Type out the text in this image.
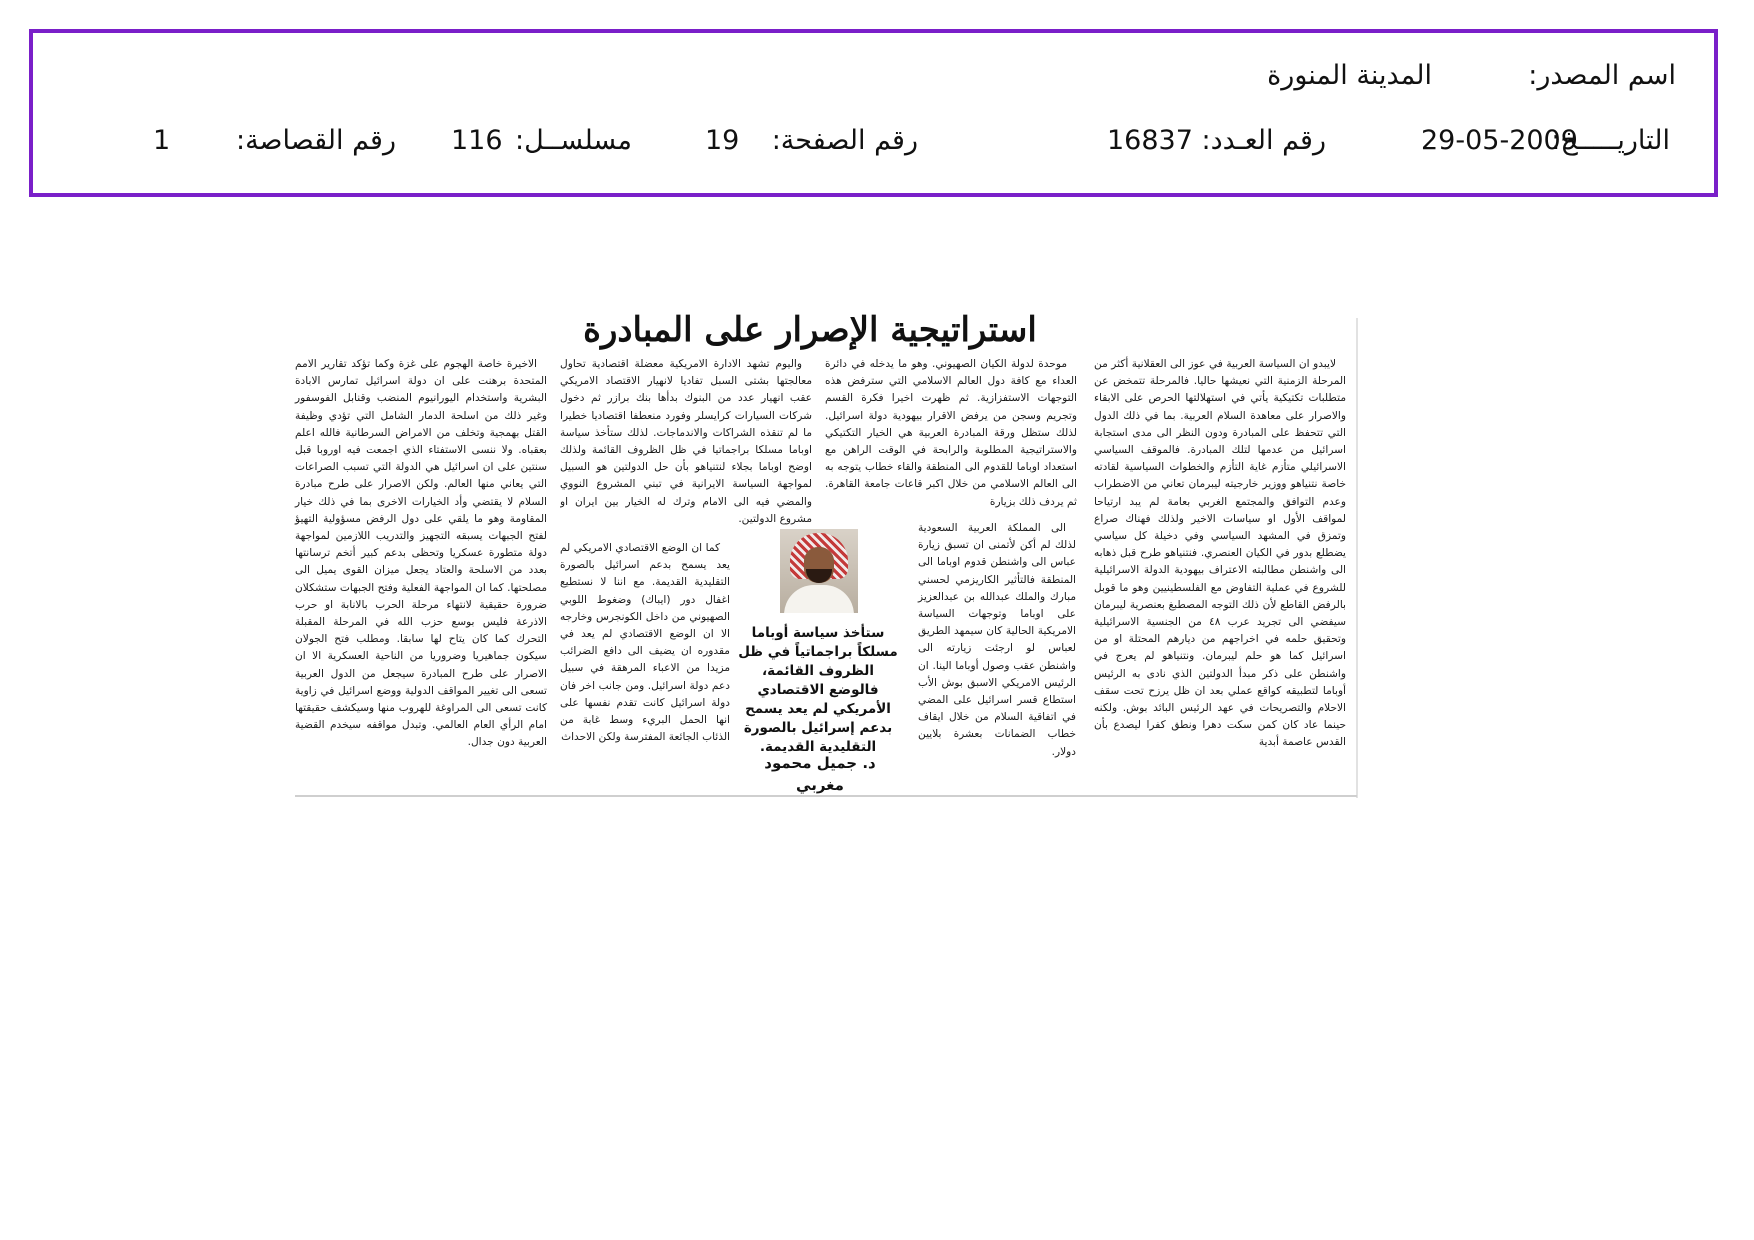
اسم المصدر:
المدينة المنورة
التاريـــــخ:
29-05-2009
رقم العـدد:
16837
رقم الصفحة:
19
مسلســل:
116
رقم القصاصة:
1
استراتيجية الإصرار على المبادرة

لايبدو ان السياسة العربية في عوز الى العقلانية أكثر من المرحلة الزمنية التي نعيشها حاليا. فالمرحلة تتمخض عن متطلبات تكتيكية يأتي في استهلالتها الحرص على الابقاء والاصرار على معاهدة السلام العربية. بما في ذلك الدول التي تتحفظ على المبادرة ودون النظر الى مدى استجابة اسرائيل من عدمها لتلك المبادرة. فالموقف السياسي الاسرائيلي متأزم غاية التأزم والخطوات السياسية لقادته خاصة نتنياهو ووزير خارجيته ليبرمان تعاني من الاضطراب وعدم التوافق والمجتمع الغربي بعامة لم يبد ارتياحا لمواقف الأول او سياسات الاخير ولذلك فهناك صراع وتمزق في المشهد السياسي وفي دخيلة كل سياسي يضطلع بدور في الكيان العنصري. فنتنياهو طرح قبل ذهابه الى واشنطن مطالبته الاعتراف بيهودية الدولة الاسرائيلية للشروع في عملية التفاوض مع الفلسطينيين وهو ما قوبل بالرفض القاطع لأن ذلك التوجه المصطبغ بعنصرية ليبرمان سيفضي الى تجريد عرب ٤٨ من الجنسية الاسرائيلية وتحقيق حلمه في اخراجهم من ديارهم المحتلة او من اسرائيل كما هو حلم ليبرمان. ونتنياهو لم يعرج في واشنطن على ذكر مبدأ الدولتين الذي نادى به الرئيس أوباما لتطبيقه كواقع عملي بعد ان ظل يرزح تحت سقف الاحلام والتصريحات في عهد الرئيس البائد بوش. ولكنه حينما عاد كان كمن سكت دهرا ونطق كفرا ليصدع بأن القدس عاصمة أبدية

موحدة لدولة الكيان الصهيوني. وهو ما يدخله في دائرة العداء مع كافة دول العالم الاسلامي التي سترفض هذه التوجهات الاستفزازية. ثم ظهرت اخيرا فكرة القسم وتجريم وسجن من يرفض الاقرار بيهودية دولة اسرائيل. لذلك ستظل ورقة المبادرة العربية هي الخيار التكتيكي والاستراتيجية المطلوبة والرابحة في الوقت الراهن مع استعداد اوباما للقدوم الى المنطقة والقاء خطاب يتوجه به الى العالم الاسلامي من خلال اكبر قاعات جامعة القاهرة. ثم يردف ذلك بزيارة

الى المملكة العربية السعودية لذلك لم أكن لأتمنى ان تسبق زيارة عباس الى واشنطن قدوم اوباما الى المنطقة فالتأثير الكاريزمي لحسني مبارك والملك عبدالله بن عبدالعزيز على اوباما وتوجهات السياسة الامريكية الحالية كان سيمهد الطريق لعباس لو ارجئت زيارته الى واشنطن عقب وصول أوباما الينا. ان الرئيس الامريكي الاسبق بوش الأب استطاع قسر اسرائيل على المضي في اتفاقية السلام من خلال ايقاف خطاب الضمانات بعشرة بلايين دولار.

واليوم تشهد الادارة الامريكية معضلة اقتصادية تحاول معالجتها بشتى السبل تفاديا لانهيار الاقتصاد الامريكي عقب انهيار عدد من البنوك بدأها بنك برازر ثم دخول شركات السيارات كرايسلر وفورد منعطفا اقتصاديا خطيرا ما لم تنقذه الشراكات والاندماجات. لذلك ستأخذ سياسة اوباما مسلكا براجماتيا في ظل الظروف القائمة ولذلك اوضح اوباما بجلاء لنتنياهو بأن حل الدولتين هو السبيل لمواجهة السياسة الايرانية في تبني المشروع النووي والمضي فيه الى الامام وترك له الخيار بين ايران او مشروع الدولتين.

كما ان الوضع الاقتصادي الامريكي لم يعد يسمح بدعم اسرائيل بالصورة التقليدية القديمة. مع اننا لا نستطيع اغفال دور (ايباك) وضغوط اللوبي الصهيوني من داخل الكونجرس وخارجه الا ان الوضع الاقتصادي لم يعد في مقدوره ان يضيف الى دافع الضرائب مزيدا من الاعباء المرهقة في سبيل دعم دولة اسرائيل. ومن جانب اخر فان دولة اسرائيل كانت تقدم نفسها على انها الحمل البريء وسط غابة من الذئاب الجائعة المفترسة ولكن الاحداث

الاخيرة خاصة الهجوم على غزة وكما تؤكد تقارير الامم المتحدة برهنت على ان دولة اسرائيل تمارس الابادة البشرية واستخدام اليورانيوم المنضب وقنابل الفوسفور وغير ذلك من اسلحة الدمار الشامل التي تؤدي وظيفة القتل بهمجية وتخلف من الامراض السرطانية فالله اعلم بعقباه. ولا ننسى الاستفتاء الذي اجمعت فيه اوروبا قبل سنتين على ان اسرائيل هي الدولة التي تسبب الصراعات التي يعاني منها العالم. ولكن الاصرار على طرح مبادرة السلام لا يقتضي وأد الخيارات الاخرى بما في ذلك خيار المقاومة وهو ما يلقي على دول الرفض مسؤولية التهيؤ لفتح الجبهات يسبقه التجهيز والتدريب اللازمين لمواجهة دولة متطورة عسكريا وتحظى بدعم كبير أتخم ترسانتها بعدد من الاسلحة والعتاد يجعل ميزان القوى يميل الى مصلحتها. كما ان المواجهة الفعلية وفتح الجبهات ستشكلان ضرورة حقيقية لانتهاء مرحلة الحرب بالانابة او حرب الاذرعة فليس بوسع حزب الله في المرحلة المقبلة التحرك كما كان يتاح لها سابقا. ومطلب فتح الجولان سيكون جماهيريا وضروريا من الناحية العسكرية الا ان الاصرار على طرح المبادرة سيجعل من الدول العربية تسعى الى تغيير المواقف الدولية ووضع اسرائيل في زاوية كانت تسعى الى المراوغة للهروب منها وسيكشف حقيقتها امام الرأي العام العالمي. وتبدل مواقفه سيخدم القضية العربية دون جدال.

ستأخذ سياسة أوباما مسلكاً براجماتياً في ظل الظروف القائمة، فالوضع الاقتصادي الأمريكي لم يعد يسمح بدعم إسرائيل بالصورة التقليدية القديمة.
د. جميل محمود مغربي
